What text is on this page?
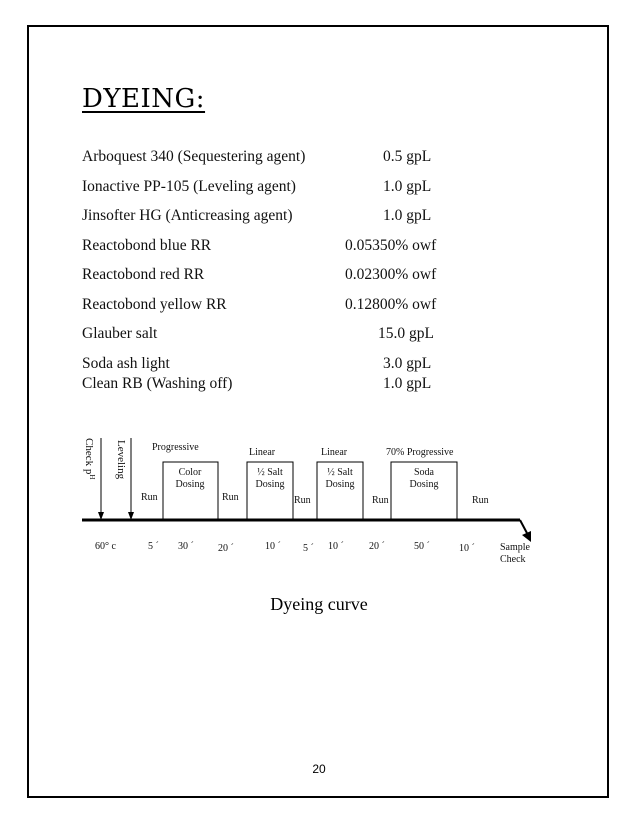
DYEING:
Arboquest 340 (Sequestering agent)	0.5 gpL
Ionactive PP-105 (Leveling agent)	1.0 gpL
Jinsofter HG (Anticreasing agent)	1.0 gpL
Reactobond blue RR	0.05350% owf
Reactobond red RR	0.02300% owf
Reactobond yellow RR	0.12800% owf
Glauber salt	15.0 gpL
Soda ash light	3.0 gpL
Clean RB (Washing off)	1.0 gpL
Check $p^H$ Leveling	Progressive	Linear	Linear	70% Progressive
Color
Dosing
½ Salt
Dosing
½ Salt
Dosing
Soda
Dosing
Run	Run	Run	Run	Run
60° c	5 ´ 30 ´ 20 ´	10 ´ 5 ´ 10 ´	20 ´	50 ´	10 ´	Sample
Check
Dyeing curve
20
